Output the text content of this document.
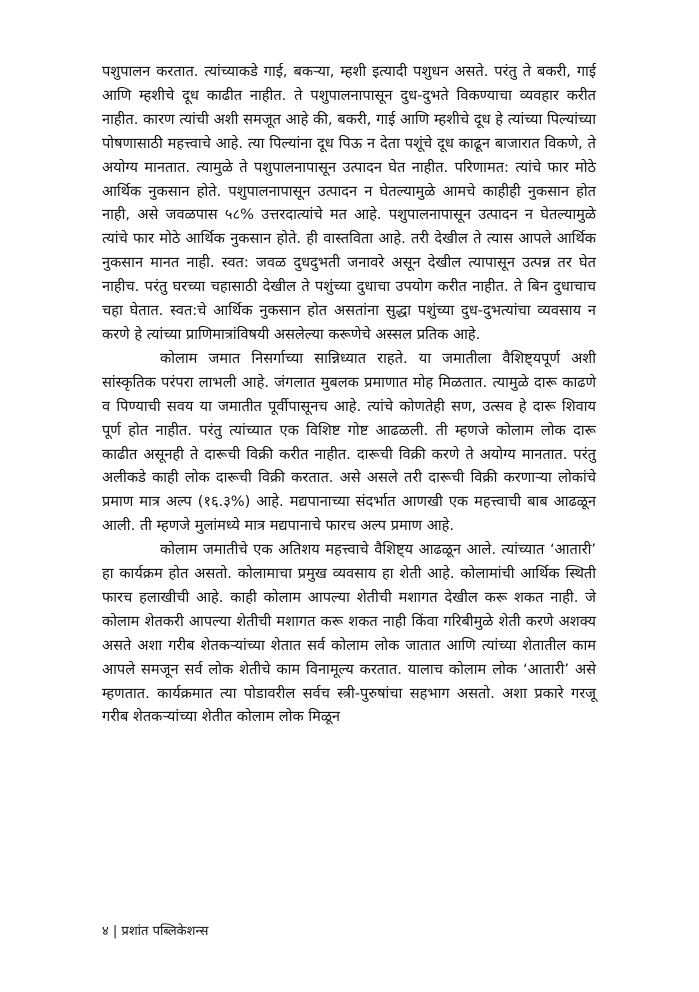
पशुपालन करतात. त्यांच्याकडे गाई, बकऱ्या, म्हशी इत्यादी पशुधन असते. परंतु ते बकरी, गाई आणि म्हशीचे दूध काढीत नाहीत. ते पशुपालनापासून दुध-दुभते विकण्याचा व्यवहार करीत नाहीत. कारण त्यांची अशी समजूत आहे की, बकरी, गाई आणि म्हशीचे दूध हे त्यांच्या पिल्यांच्या पोषणासाठी महत्त्वाचे आहे. त्या पिल्यांना दूध पिऊ न देता पशूंचे दूध काढून बाजारात विकणे, ते अयोग्य मानतात. त्यामुळे ते पशुपालनापासून उत्पादन घेत नाहीत. परिणामत: त्यांचे फार मोठे आर्थिक नुकसान होते. पशुपालनापासून उत्पादन न घेतल्यामुळे आमचे काहीही नुकसान होत नाही, असे जवळपास ५८% उत्तरदात्यांचे मत आहे. पशुपालनापासून उत्पादन न घेतल्यामुळे त्यांचे फार मोठे आर्थिक नुकसान होते. ही वास्तविता आहे. तरी देखील ते त्यास आपले आर्थिक नुकसान मानत नाही. स्वत: जवळ दुधदुभती जनावरे असून देखील त्यापासून उत्पन्न तर घेत नाहीच. परंतु घरच्या चहासाठी देखील ते पशुंच्या दुधाचा उपयोग करीत नाहीत. ते बिन दुधाचाच चहा घेतात. स्वत:चे आर्थिक नुकसान होत असतांना सुद्धा पशुंच्या दुध-दुभत्यांचा व्यवसाय न करणे हे त्यांच्या प्राणिमात्रांविषयी असलेल्या करूणेचे अस्सल प्रतिक आहे.

कोलाम जमात निसर्गाच्या सान्निध्यात राहते. या जमातीला वैशिष्ट्यपूर्ण अशी सांस्कृतिक परंपरा लाभली आहे. जंगलात मुबलक प्रमाणात मोह मिळतात. त्यामुळे दारू काढणे व पिण्याची सवय या जमातीत पूर्वीपासूनच आहे. त्यांचे कोणतेही सण, उत्सव हे दारू शिवाय पूर्ण होत नाहीत. परंतु त्यांच्यात एक विशिष्ट गोष्ट आढळली. ती म्हणजे कोलाम लोक दारू काढीत असूनही ते दारूची विक्री करीत नाहीत. दारूची विक्री करणे ते अयोग्य मानतात. परंतु अलीकडे काही लोक दारूची विक्री करतात. असे असले तरी दारूची विक्री करणाऱ्या लोकांचे प्रमाण मात्र अल्प (१६.३%) आहे. मद्यपानाच्या संदर्भात आणखी एक महत्त्वाची बाब आढळून आली. ती म्हणजे मुलांमध्ये मात्र मद्यपानाचे फारच अल्प प्रमाण आहे.

कोलाम जमातीचे एक अतिशय महत्त्वाचे वैशिष्ट्य आढळून आले. त्यांच्यात ‘आतारी’ हा कार्यक्रम होत असतो. कोलामाचा प्रमुख व्यवसाय हा शेती आहे. कोलामांची आर्थिक स्थिती फारच हलाखीची आहे. काही कोलाम आपल्या शेतीची मशागत देखील करू शकत नाही. जे कोलाम शेतकरी आपल्या शेतीची मशागत करू शकत नाही किंवा गरिबीमुळे शेती करणे अशक्य असते अशा गरीब शेतकऱ्यांच्या शेतात सर्व कोलाम लोक जातात आणि त्यांच्या शेतातील काम आपले समजून सर्व लोक शेतीचे काम विनामूल्य करतात. यालाच कोलाम लोक ‘आतारी’ असे म्हणतात. कार्यक्रमात त्या पोडावरील सर्वच स्त्री-पुरुषांचा सहभाग असतो. अशा प्रकारे गरजू गरीब शेतकऱ्यांच्या शेतीत कोलाम लोक मिळून

४ | प्रशांत पब्लिकेशन्स
